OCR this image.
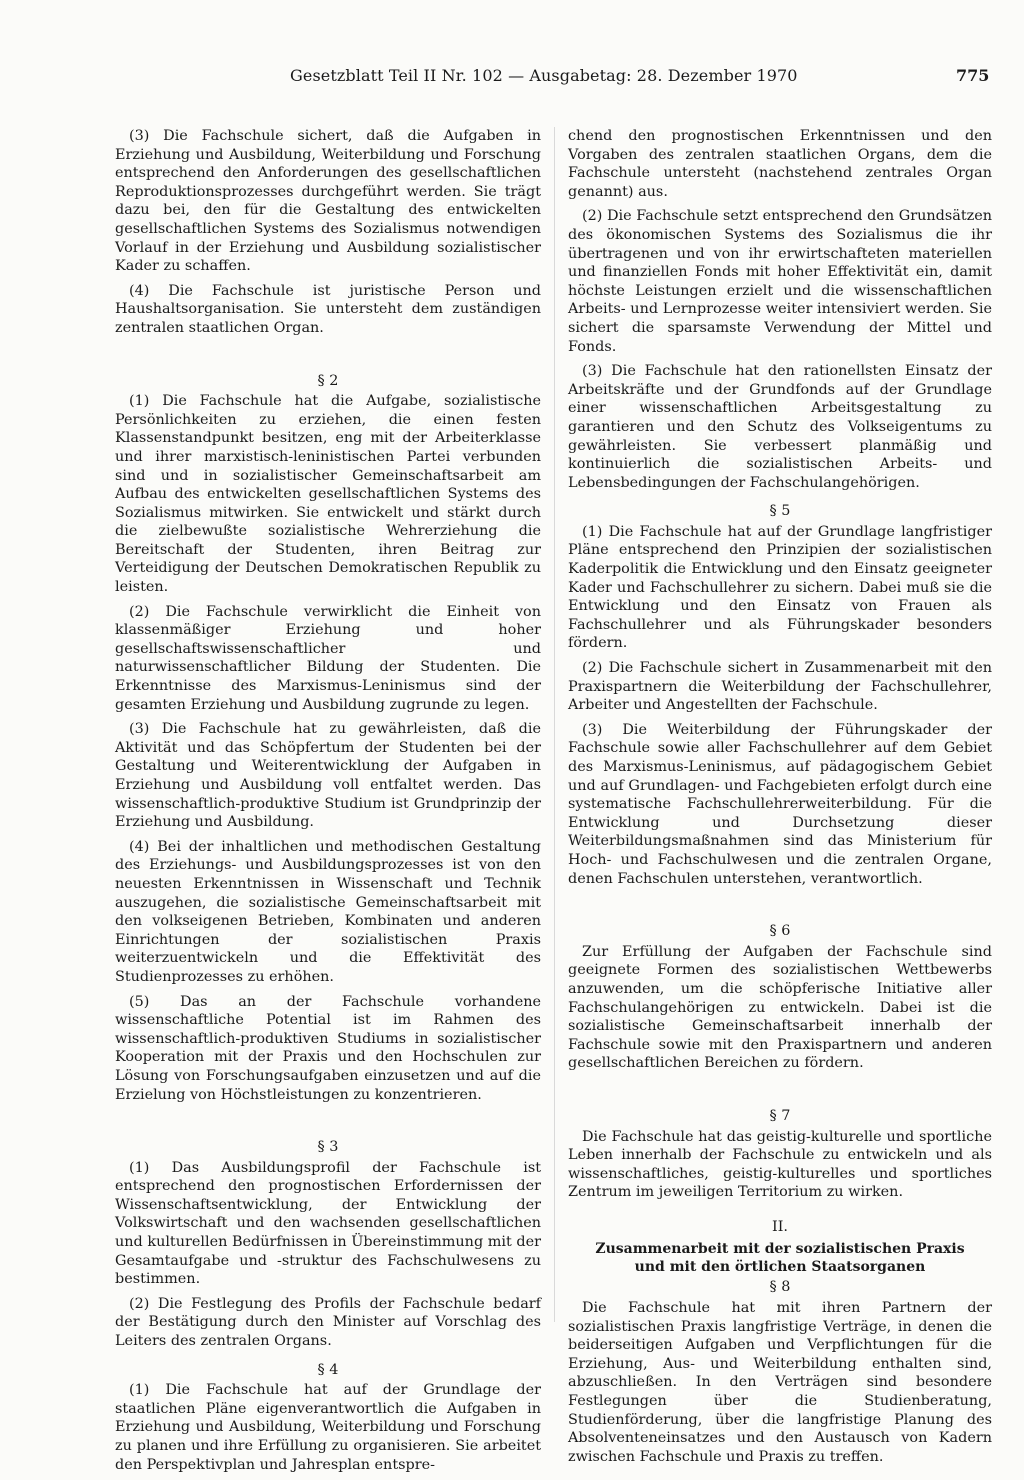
Gesetzblatt Teil II Nr. 102 — Ausgabetag: 28. Dezember 1970	775

(3) Die Fachschule sichert, daß die Aufgaben in Erziehung und Ausbildung, Weiterbildung und Forschung entsprechend den Anforderungen des gesellschaftlichen Reproduktionsprozesses durchgeführt werden. Sie trägt dazu bei, den für die Gestaltung des entwickelten gesellschaftlichen Systems des Sozialismus notwendigen Vorlauf in der Erziehung und Ausbildung sozialistischer Kader zu schaffen.

(4) Die Fachschule ist juristische Person und Haushaltsorganisation. Sie untersteht dem zuständigen zentralen staatlichen Organ.

§ 2

(1) Die Fachschule hat die Aufgabe, sozialistische Persönlichkeiten zu erziehen, die einen festen Klassenstandpunkt besitzen, eng mit der Arbeiterklasse und ihrer marxistisch-leninistischen Partei verbunden sind und in sozialistischer Gemeinschaftsarbeit am Aufbau des entwickelten gesellschaftlichen Systems des Sozialismus mitwirken. Sie entwickelt und stärkt durch die zielbewußte sozialistische Wehrerziehung die Bereitschaft der Studenten, ihren Beitrag zur Verteidigung der Deutschen Demokratischen Republik zu leisten.

(2) Die Fachschule verwirklicht die Einheit von klassenmäßiger Erziehung und hoher gesellschaftswissenschaftlicher und naturwissenschaftlicher Bildung der Studenten. Die Erkenntnisse des Marxismus-Leninismus sind der gesamten Erziehung und Ausbildung zugrunde zu legen.

(3) Die Fachschule hat zu gewährleisten, daß die Aktivität und das Schöpfertum der Studenten bei der Gestaltung und Weiterentwicklung der Aufgaben in Erziehung und Ausbildung voll entfaltet werden. Das wissenschaftlich-produktive Studium ist Grundprinzip der Erziehung und Ausbildung.

(4) Bei der inhaltlichen und methodischen Gestaltung des Erziehungs- und Ausbildungsprozesses ist von den neuesten Erkenntnissen in Wissenschaft und Technik auszugehen, die sozialistische Gemeinschaftsarbeit mit den volkseigenen Betrieben, Kombinaten und anderen Einrichtungen der sozialistischen Praxis weiterzuentwickeln und die Effektivität des Studienprozesses zu erhöhen.

(5) Das an der Fachschule vorhandene wissenschaftliche Potential ist im Rahmen des wissenschaftlich-produktiven Studiums in sozialistischer Kooperation mit der Praxis und den Hochschulen zur Lösung von Forschungsaufgaben einzusetzen und auf die Erzielung von Höchstleistungen zu konzentrieren.

§ 3

(1) Das Ausbildungsprofil der Fachschule ist entsprechend den prognostischen Erfordernissen der Wissenschaftsentwicklung, der Entwicklung der Volkswirtschaft und den wachsenden gesellschaftlichen und kulturellen Bedürfnissen in Übereinstimmung mit der Gesamtaufgabe und -struktur des Fachschulwesens zu bestimmen.

(2) Die Festlegung des Profils der Fachschule bedarf der Bestätigung durch den Minister auf Vorschlag des Leiters des zentralen Organs.

§ 4

(1) Die Fachschule hat auf der Grundlage der staatlichen Pläne eigenverantwortlich die Aufgaben in Erziehung und Ausbildung, Weiterbildung und Forschung zu planen und ihre Erfüllung zu organisieren. Sie arbeitet den Perspektivplan und Jahresplan entspre-

chend den prognostischen Erkenntnissen und den Vorgaben des zentralen staatlichen Organs, dem die Fachschule untersteht (nachstehend zentrales Organ genannt) aus.

(2) Die Fachschule setzt entsprechend den Grundsätzen des ökonomischen Systems des Sozialismus die ihr übertragenen und von ihr erwirtschafteten materiellen und finanziellen Fonds mit hoher Effektivität ein, damit höchste Leistungen erzielt und die wissenschaftlichen Arbeits- und Lernprozesse weiter intensiviert werden. Sie sichert die sparsamste Verwendung der Mittel und Fonds.

(3) Die Fachschule hat den rationellsten Einsatz der Arbeitskräfte und der Grundfonds auf der Grundlage einer wissenschaftlichen Arbeitsgestaltung zu garantieren und den Schutz des Volkseigentums zu gewährleisten. Sie verbessert planmäßig und kontinuierlich die sozialistischen Arbeits- und Lebensbedingungen der Fachschulangehörigen.

§ 5

(1) Die Fachschule hat auf der Grundlage langfristiger Pläne entsprechend den Prinzipien der sozialistischen Kaderpolitik die Entwicklung und den Einsatz geeigneter Kader und Fachschullehrer zu sichern. Dabei muß sie die Entwicklung und den Einsatz von Frauen als Fachschullehrer und als Führungskader besonders fördern.

(2) Die Fachschule sichert in Zusammenarbeit mit den Praxispartnern die Weiterbildung der Fachschullehrer, Arbeiter und Angestellten der Fachschule.

(3) Die Weiterbildung der Führungskader der Fachschule sowie aller Fachschullehrer auf dem Gebiet des Marxismus-Leninismus, auf pädagogischem Gebiet und auf Grundlagen- und Fachgebieten erfolgt durch eine systematische Fachschullehrerweiterbildung. Für die Entwicklung und Durchsetzung dieser Weiterbildungsmaßnahmen sind das Ministerium für Hoch- und Fachschulwesen und die zentralen Organe, denen Fachschulen unterstehen, verantwortlich.

§ 6

Zur Erfüllung der Aufgaben der Fachschule sind geeignete Formen des sozialistischen Wettbewerbs anzuwenden, um die schöpferische Initiative aller Fachschulangehörigen zu entwickeln. Dabei ist die sozialistische Gemeinschaftsarbeit innerhalb der Fachschule sowie mit den Praxispartnern und anderen gesellschaftlichen Bereichen zu fördern.

§ 7

Die Fachschule hat das geistig-kulturelle und sportliche Leben innerhalb der Fachschule zu entwickeln und als wissenschaftliches, geistig-kulturelles und sportliches Zentrum im jeweiligen Territorium zu wirken.

II.

Zusammenarbeit mit der sozialistischen Praxis

und mit den örtlichen Staatsorganen

§ 8

Die Fachschule hat mit ihren Partnern der sozialistischen Praxis langfristige Verträge, in denen die beiderseitigen Aufgaben und Verpflichtungen für die Erziehung, Aus- und Weiterbildung enthalten sind, abzuschließen. In den Verträgen sind besondere Festlegungen über die Studienberatung, Studienförderung, über die langfristige Planung des Absolventeneinsatzes und den Austausch von Kadern zwischen Fachschule und Praxis zu treffen.
